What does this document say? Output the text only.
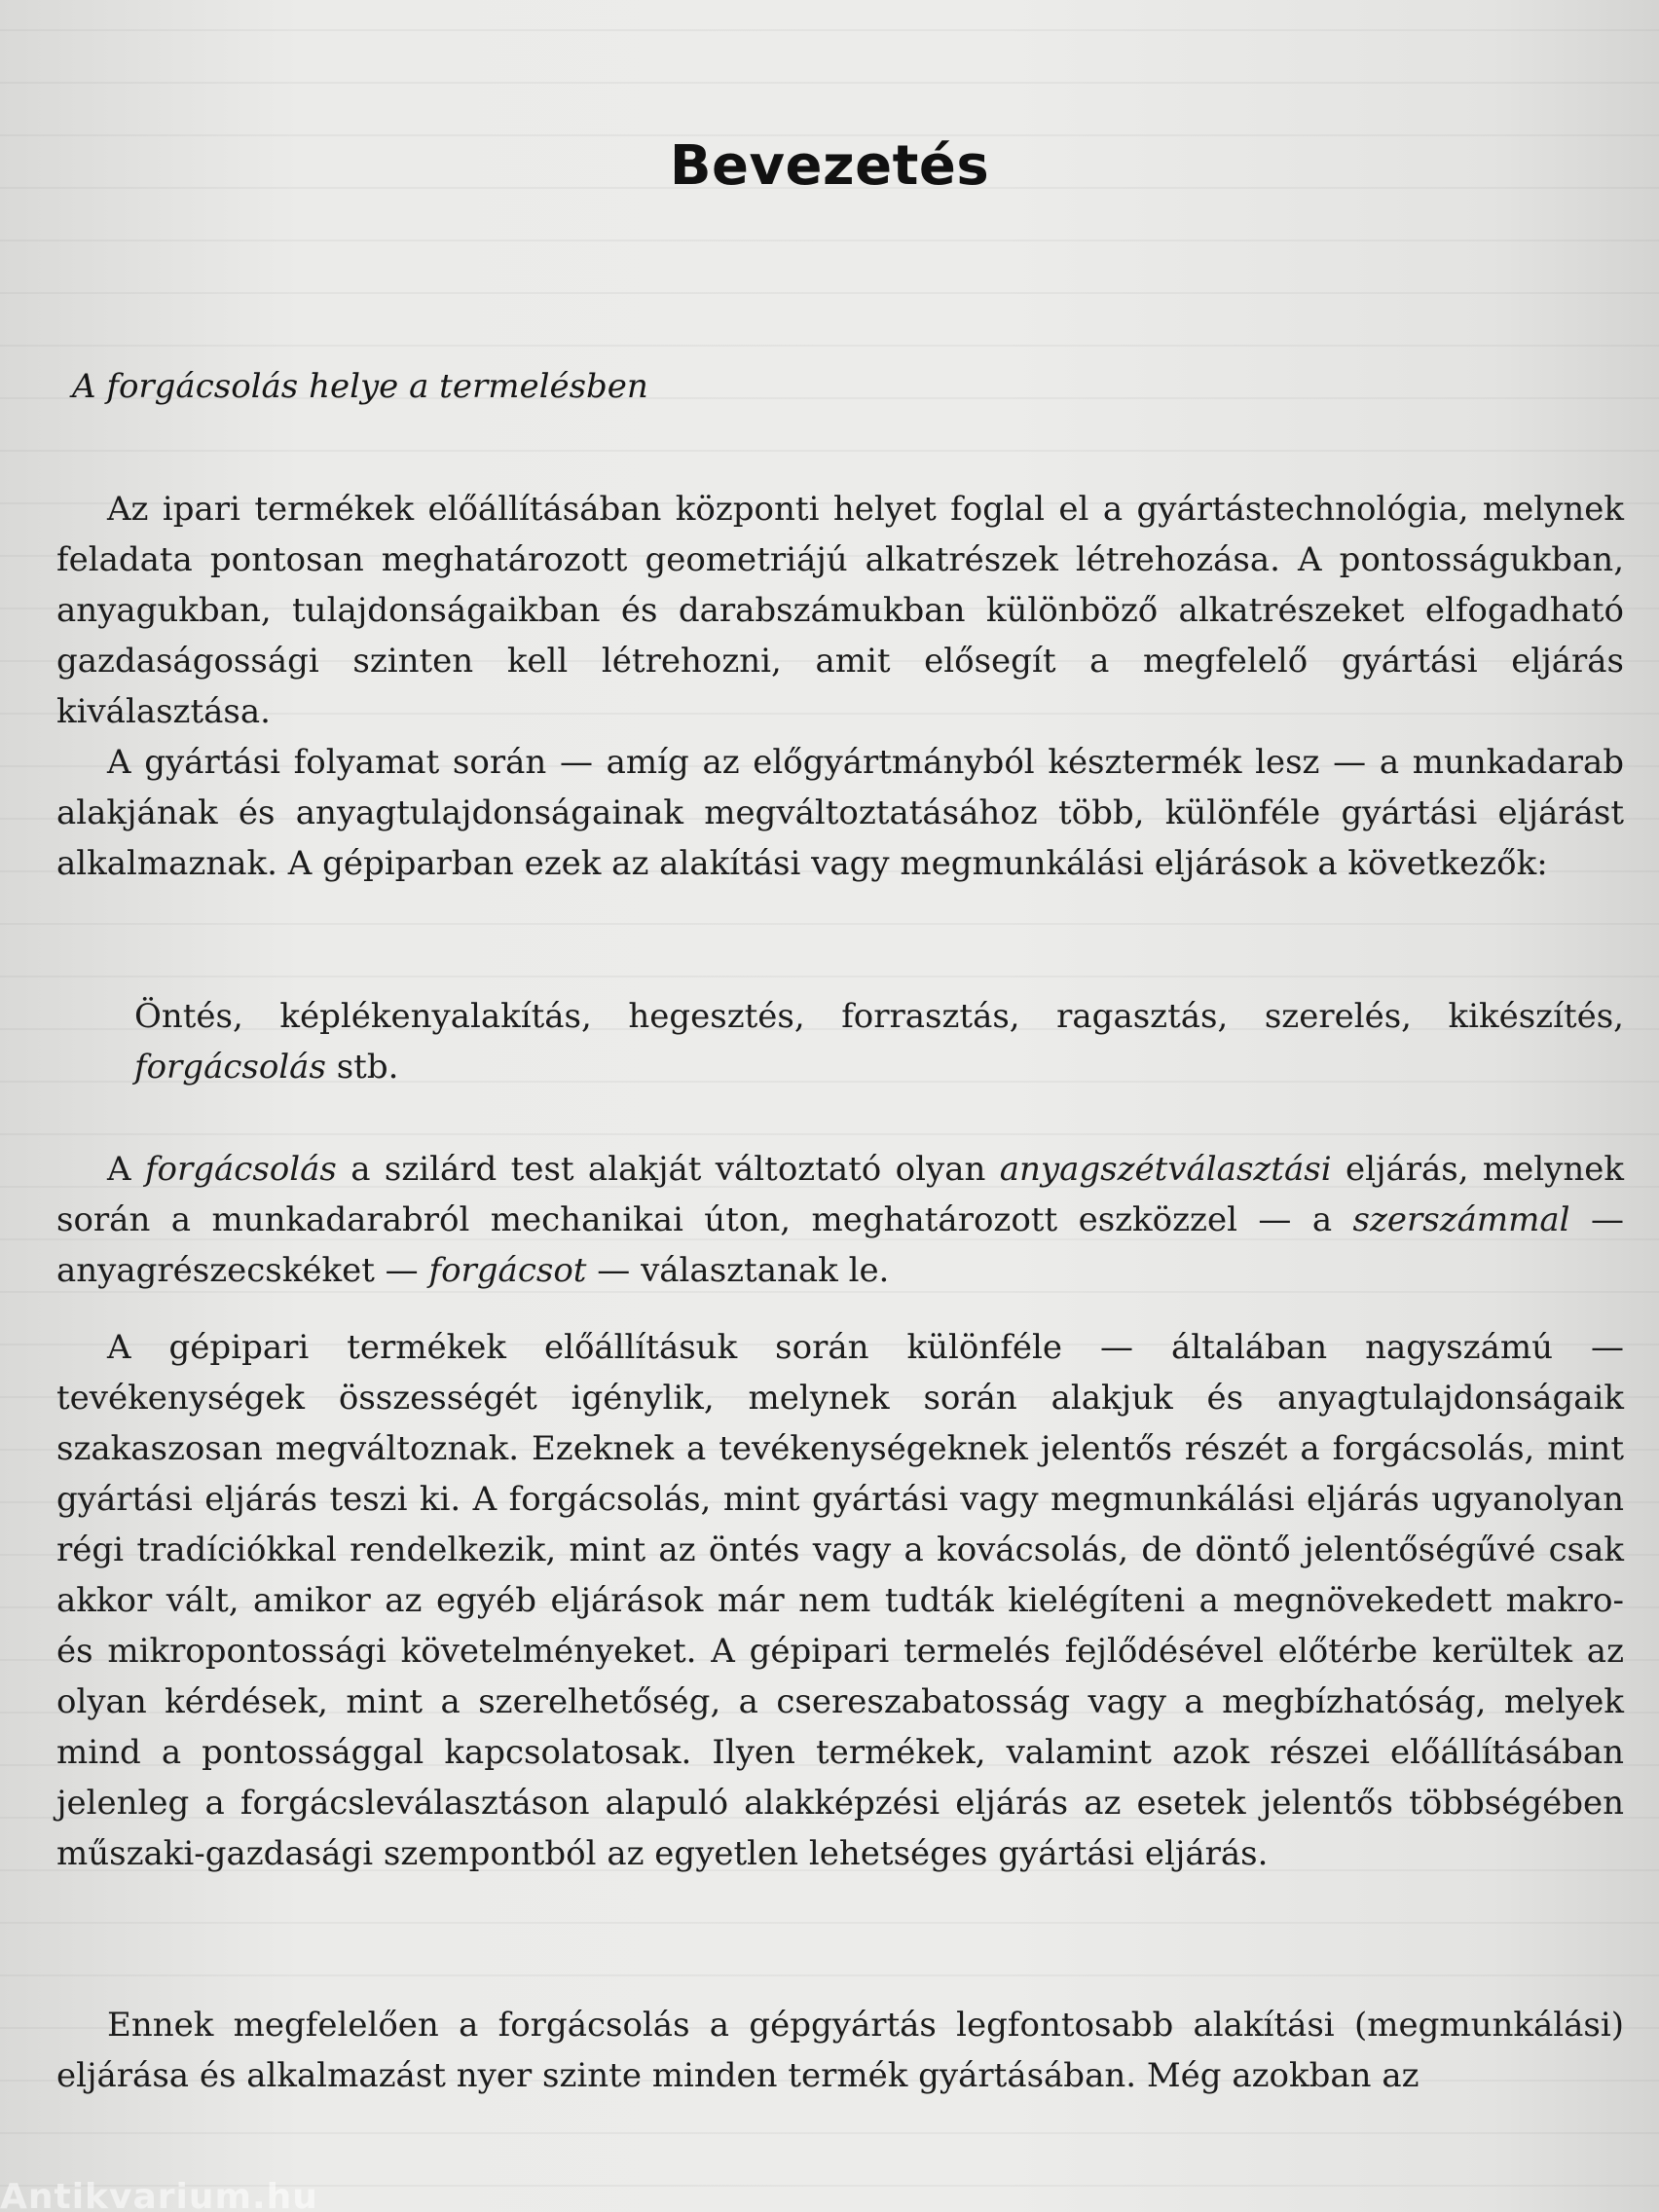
Bevezetés
A forgácsolás helye a termelésben
Az ipari termékek előállításában központi helyet foglal el a gyártástechnológia, melynek feladata pontosan meghatározott geometriájú alkatrészek létrehozása. A pontosságukban, anyagukban, tulajdonságaikban és darabszámukban különböző alkatrészeket elfogadható gazdaságossági szinten kell létrehozni, amit elősegít a megfelelő gyártási eljárás kiválasztása.
A gyártási folyamat során — amíg az előgyártmányból késztermék lesz — a munkadarab alakjának és anyagtulajdonságainak megváltoztatásához több, különféle gyártási eljárást alkalmaznak. A gépiparban ezek az alakítási vagy megmunkálási eljárások a következők:
Öntés, képlékenyalakítás, hegesztés, forrasztás, ragasztás, szerelés, kikészítés, forgácsolás stb.
A forgácsolás a szilárd test alakját változtató olyan anyagszétválasztási eljárás, melynek során a munkadarabról mechanikai úton, meghatározott eszközzel — a szerszámmal — anyagrészecskéket — forgácsot — választanak le.
A gépipari termékek előállításuk során különféle — általában nagyszámú — tevékenységek összességét igénylik, melynek során alakjuk és anyagtulajdonságaik szakaszosan megváltoznak. Ezeknek a tevékenységeknek jelentős részét a forgácsolás, mint gyártási eljárás teszi ki. A forgácsolás, mint gyártási vagy megmunkálási eljárás ugyanolyan régi tradíciókkal rendelkezik, mint az öntés vagy a kovácsolás, de döntő jelentőségűvé csak akkor vált, amikor az egyéb eljárások már nem tudták kielégíteni a megnövekedett makro- és mikropontossági követelményeket. A gépipari termelés fejlődésével előtérbe kerültek az olyan kérdések, mint a szerelhetőség, a csereszabatosság vagy a megbízhatóság, melyek mind a pontossággal kapcsolatosak. Ilyen termékek, valamint azok részei előállításában jelenleg a forgácsleválasztáson alapuló alakképzési eljárás az esetek jelentős többségében műszaki-gazdasági szempontból az egyetlen lehetséges gyártási eljárás.
Ennek megfelelően a forgácsolás a gépgyártás legfontosabb alakítási (megmunkálási) eljárása és alkalmazást nyer szinte minden termék gyártásában. Még azokban az
Antikvarium.hu
